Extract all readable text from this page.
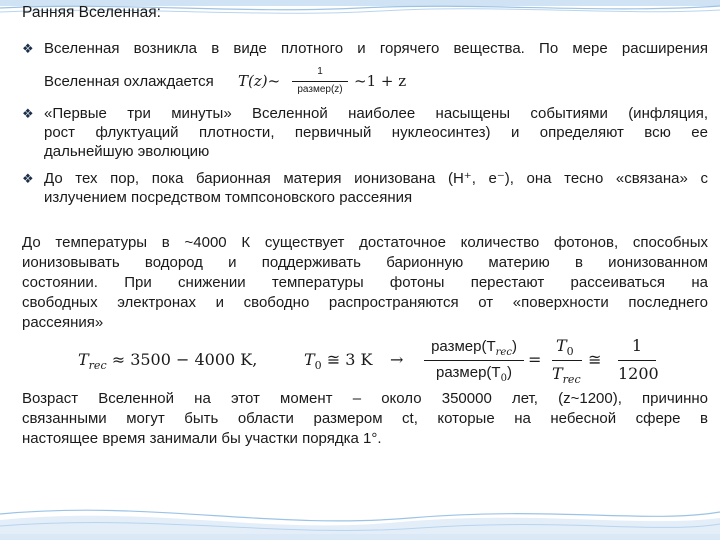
Ранняя Вселенная:
❖ Вселенная возникла в виде плотного и горячего вещества. По мере расширения
Вселенная охлаждается T(z)~
1
размер(z) ~1 + z
❖ «Первые три минуты» Вселенной наиболее насыщены событиями (инфляция,
рост флуктуаций плотности, первичный нуклеосинтез) и определяют всю ее
дальнейшую эволюцию
❖ До тех пор, пока барионная материя ионизована (H⁺, e⁻), она тесно «связана» с
излучением посредством томпсоновского рассеяния
До температуры в ~4000 К существует достаточное количество фотонов, способных
ионизовывать водород и поддерживать барионную материю в ионизованном
состоянии. При снижении температуры фотоны перестают рассеиваться на
свободных электронах и свободно распространяются от «поверхности последнего
рассеяния»
$T_{rec} \approx 3500 - 4000$ K,	$T_0$ ≅ 3 K →
$размер(T_{rec})$
$размер(T_0)$
=
$T_0$
$T_{rec}$
≅
1
1200
Возраст Вселенной на этот момент – около 350000 лет, (z~1200), причинно
связанными могут быть области размером ct, которые на небесной сфере в
настоящее время занимали бы участки порядка 1°.
